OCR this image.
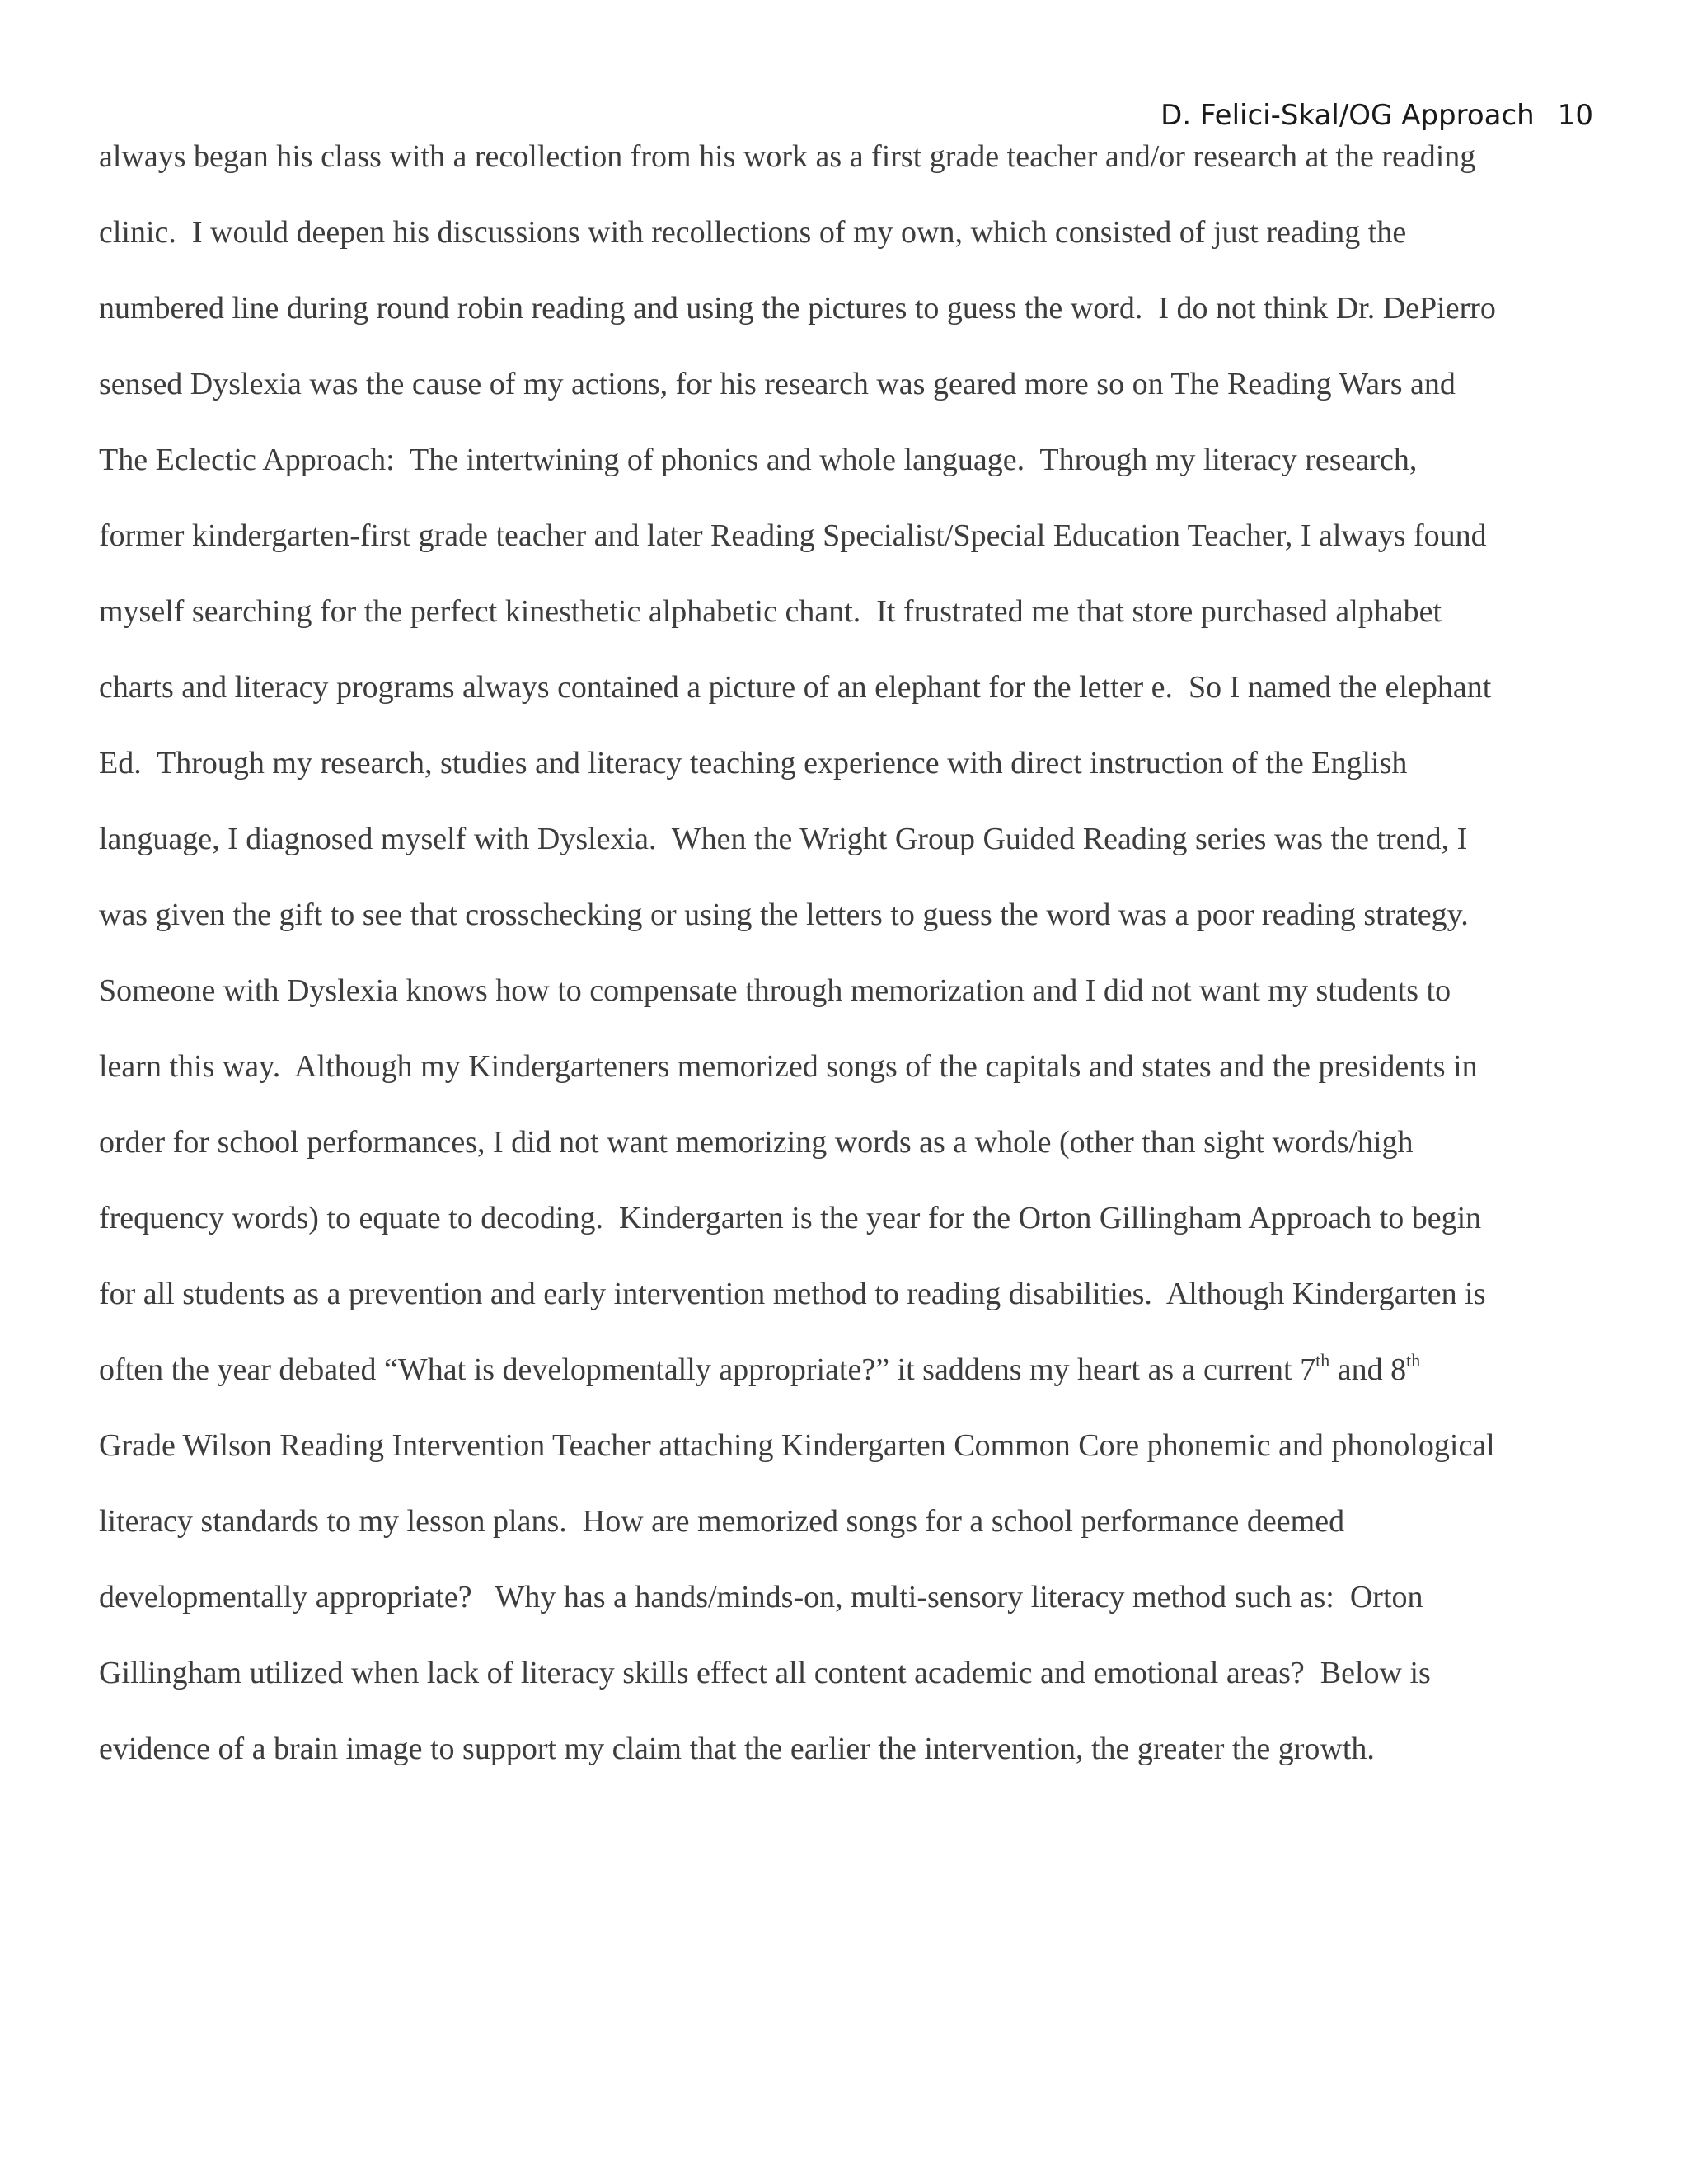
D. Felici-Skal/OG Approach 10
always began his class with a recollection from his work as a first grade teacher and/or research at the reading
clinic.  I would deepen his discussions with recollections of my own, which consisted of just reading the
numbered line during round robin reading and using the pictures to guess the word.  I do not think Dr. DePierro
sensed Dyslexia was the cause of my actions, for his research was geared more so on The Reading Wars and
The Eclectic Approach:  The intertwining of phonics and whole language.  Through my literacy research,
former kindergarten-first grade teacher and later Reading Specialist/Special Education Teacher, I always found
myself searching for the perfect kinesthetic alphabetic chant.  It frustrated me that store purchased alphabet
charts and literacy programs always contained a picture of an elephant for the letter e.  So I named the elephant
Ed.  Through my research, studies and literacy teaching experience with direct instruction of the English
language, I diagnosed myself with Dyslexia.  When the Wright Group Guided Reading series was the trend, I
was given the gift to see that crosschecking or using the letters to guess the word was a poor reading strategy.
Someone with Dyslexia knows how to compensate through memorization and I did not want my students to
learn this way.  Although my Kindergarteners memorized songs of the capitals and states and the presidents in
order for school performances, I did not want memorizing words as a whole (other than sight words/high
frequency words) to equate to decoding.  Kindergarten is the year for the Orton Gillingham Approach to begin
for all students as a prevention and early intervention method to reading disabilities.  Although Kindergarten is
often the year debated “What is developmentally appropriate?” it saddens my heart as a current 7th and 8th
Grade Wilson Reading Intervention Teacher attaching Kindergarten Common Core phonemic and phonological
literacy standards to my lesson plans.  How are memorized songs for a school performance deemed
developmentally appropriate?   Why has a hands/minds-on, multi-sensory literacy method such as:  Orton
Gillingham utilized when lack of literacy skills effect all content academic and emotional areas?  Below is
evidence of a brain image to support my claim that the earlier the intervention, the greater the growth.
